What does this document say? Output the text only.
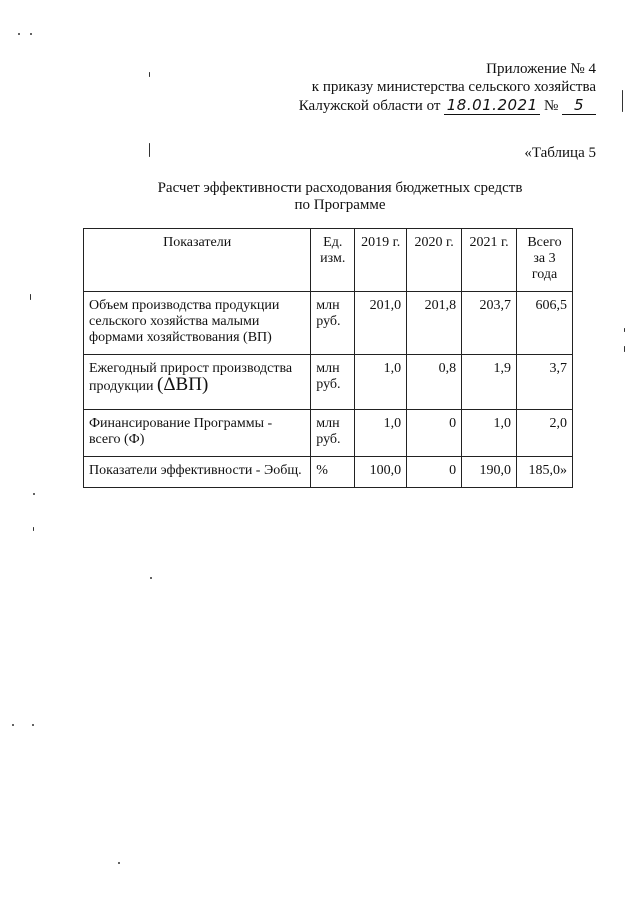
Приложение № 4
к приказу министерства сельского хозяйства
Калужской области от 18.01.2021 № 5
«Таблица 5
Расчет эффективности расходования бюджетных средств
по Программе
Показатели	Ед. изм.	2019 г.	2020 г.	2021 г.	Всего за 3 года
Объем производства продукции сельского хозяйства малыми формами хозяйствования (ВП)	млн руб.	201,0	201,8	203,7	606,5
Ежегодный прирост производства продукции (ΔВП)	млн руб.	1,0	0,8	1,9	3,7
Финансирование Программы - всего (Ф)	млн руб.	1,0	0	1,0	2,0
Показатели эффективности - Эобщ.	%	100,0	0	190,0	185,0»
